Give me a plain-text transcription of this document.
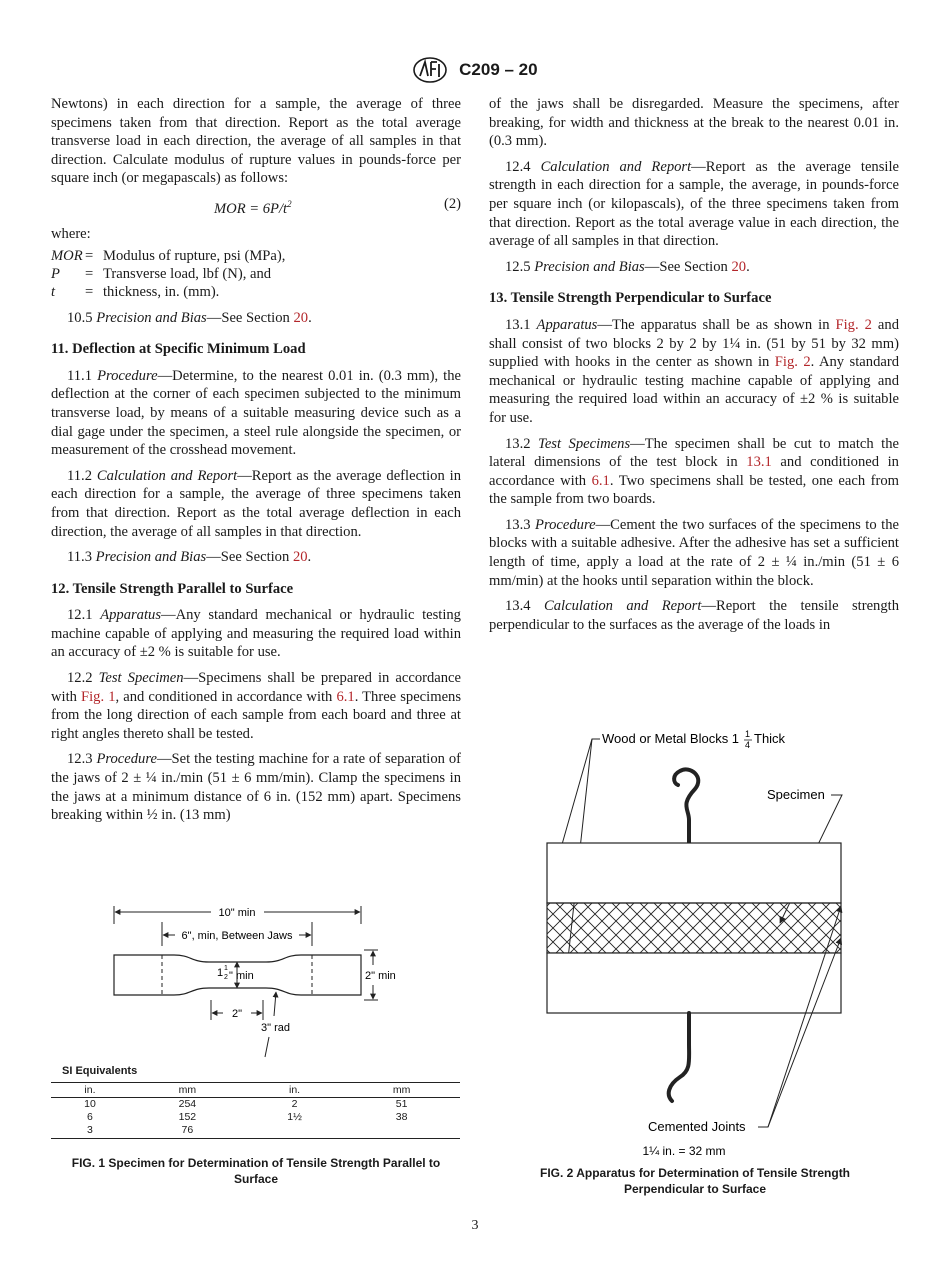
C209 – 20

Newtons) in each direction for a sample, the average of three specimens taken from that direction. Report as the total average transverse load in each direction, the average of all samples in that direction. Calculate modulus of rupture values in pounds-force per square inch (or megapascals) as follows:

MOR = $6P/t^2$	(2)

where:

MOR = Modulus of rupture, psi (MPa),
P	= Transverse load, lbf (N), and
t	= thickness, in. (mm).

10.5 Precision and Bias—See Section 20.

11. Deflection at Specific Minimum Load

11.1 Procedure—Determine, to the nearest 0.01 in. (0.3 mm), the deflection at the corner of each specimen subjected to the minimum transverse load, by means of a suitable measuring device such as a dial gage under the specimen, a steel rule alongside the specimen, or measurement of the crosshead movement.

11.2 Calculation and Report—Report as the average deflection in each direction for a sample, the average of three specimens taken from that direction. Report as the total average deflection in each direction, the average of all samples in that direction.

11.3 Precision and Bias—See Section 20.

12. Tensile Strength Parallel to Surface

12.1 Apparatus—Any standard mechanical or hydraulic testing machine capable of applying and measuring the required load within an accuracy of ±2 % is suitable for use.

12.2 Test Specimen—Specimens shall be prepared in accordance with Fig. 1, and conditioned in accordance with 6.1. Three specimens from the long direction of each sample from each board and three at right angles thereto shall be tested.

12.3 Procedure—Set the testing machine for a rate of separation of the jaws of 2 ± ¼ in./min (51 ± 6 mm/min). Clamp the specimens in the jaws at a minimum distance of 6 in. (152 mm) apart. Specimens breaking within ½ in. (13 mm)

of the jaws shall be disregarded. Measure the specimens, after breaking, for width and thickness at the break to the nearest 0.01 in. (0.3 mm).

12.4 Calculation and Report—Report as the average tensile strength in each direction for a sample, the average, in pounds-force per square inch (or kilopascals), of the three specimens taken from that direction. Report as the total average value in each direction, the average of all samples in that direction.

12.5 Precision and Bias—See Section 20.

13. Tensile Strength Perpendicular to Surface

13.1 Apparatus—The apparatus shall be as shown in Fig. 2 and shall consist of two blocks 2 by 2 by 1¼ in. (51 by 51 by 32 mm) supplied with hooks in the center as shown in Fig. 2. Any standard mechanical or hydraulic testing machine capable of applying and measuring the required load within an accuracy of ±2 % is suitable for use.

13.2 Test Specimens—The specimen shall be cut to match the lateral dimensions of the test block in 13.1 and conditioned in accordance with 6.1. Two specimens shall be tested, one each from the sample from two boards.

13.3 Procedure—Cement the two surfaces of the specimens to the blocks with a suitable adhesive. After the adhesive has set a sufficient length of time, apply a load at the rate of 2 ± ¼ in./min (51 ± 6 mm/min) at the hooks until separation within the block.

13.4 Calculation and Report—Report the tensile strength perpendicular to the surfaces as the average of the loads in

10" min
6", min, Between Jaws
1 1
2 " min	2" min
2"
3" rad
SI Equivalents
in.	mm	in.	mm
10	254	2	51
6	152	1½	38
3	76		
FIG. 1 Specimen for Determination of Tensile Strength Parallel to
Surface
Wood or Metal Blocks 1 1
4 Thick
Specimen
Cemented Joints
1¼ in. = 32 mm
FIG. 2 Apparatus for Determination of Tensile Strength
Perpendicular to Surface
3
